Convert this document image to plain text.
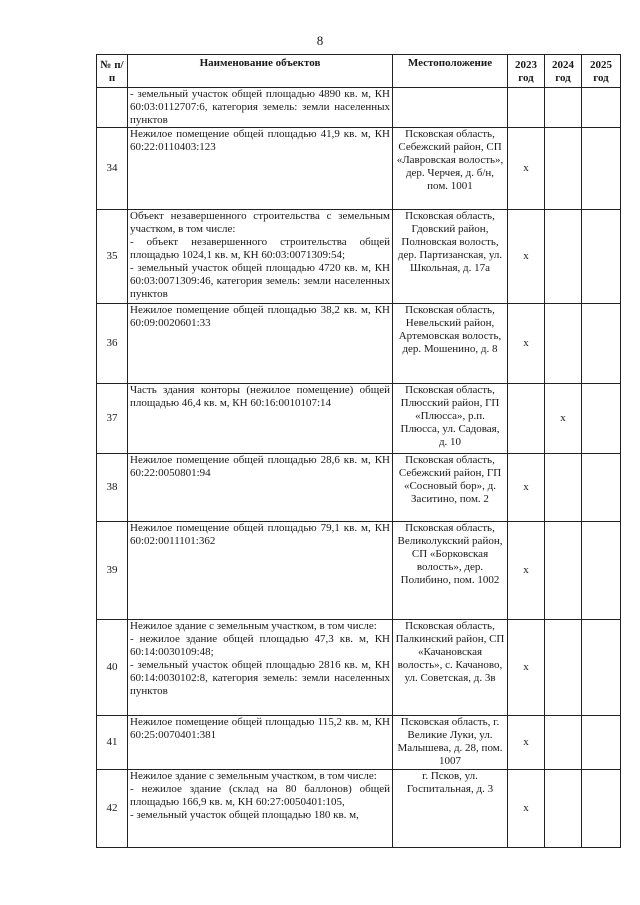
8
№ п/п	Наименование объектов	Местоположение	2023 год	2024 год	2025 год

	- земельный участок общей площадью 4890 кв. м, КН 60:03:0112707:6, категория земель: земли населенных пунктов				

34	Нежилое помещение общей площадью 41,9 кв. м, КН 60:22:0110403:123	Псковская область, Себежский район, СП «Лавровская волость», дер. Черчея, д. б/н, пом. 1001	x		
35	Объект незавершенного строительства с земельным участком, в том числе:

- объект незавершенного строительства общей площадью 1024,1 кв. м, КН 60:03:0071309:54;

- земельный участок общей площадью 4720 кв. м, КН 60:03:0071309:46, категория земель: земли населенных пунктов	Псковская область, Гдовский район, Полновская волость, дер. Партизанская, ул. Школьная, д. 17а	x		
36	Нежилое помещение общей площадью 38,2 кв. м, КН 60:09:0020601:33	Псковская область, Невельский район, Артемовская волость, дер. Мошенино, д. 8	x		
37	Часть здания конторы (нежилое помещение) общей площадью 46,4 кв. м, КН 60:16:0010107:14	Псковская область, Плюсский район, ГП «Плюсса», р.п. Плюсса, ул. Садовая, д. 10		x	
38	Нежилое помещение общей площадью 28,6 кв. м, КН 60:22:0050801:94	Псковская область, Себежский район, ГП «Сосновый бор», д. Заситино, пом. 2	x		
39	Нежилое помещение общей площадью 79,1 кв. м, КН 60:02:0011101:362	Псковская область, Великолукский район, СП «Борковская волость», дер. Полибино, пом. 1002	x		
40	Нежилое здание с земельным участком, в том числе:

- нежилое здание общей площадью 47,3 кв. м, КН 60:14:0030109:48;

- земельный участок общей площадью 2816 кв. м, КН 60:14:0030102:8, категория земель: земли населенных пунктов	Псковская область, Палкинский район, СП «Качановская волость», с. Качаново, ул. Советская, д. 3в	x		
41	Нежилое помещение общей площадью 115,2 кв. м, КН 60:25:0070401:381	Псковская область, г. Великие Луки, ул. Малышева, д. 28, пом. 1007	x		
42	Нежилое здание с земельным участком, в том числе:

- нежилое здание (склад на 80 баллонов) общей площадью 166,9 кв. м, КН 60:27:0050401:105,

- земельный участок общей площадью 180 кв. м,	г. Псков, ул. Госпитальная, д. 3	x		
